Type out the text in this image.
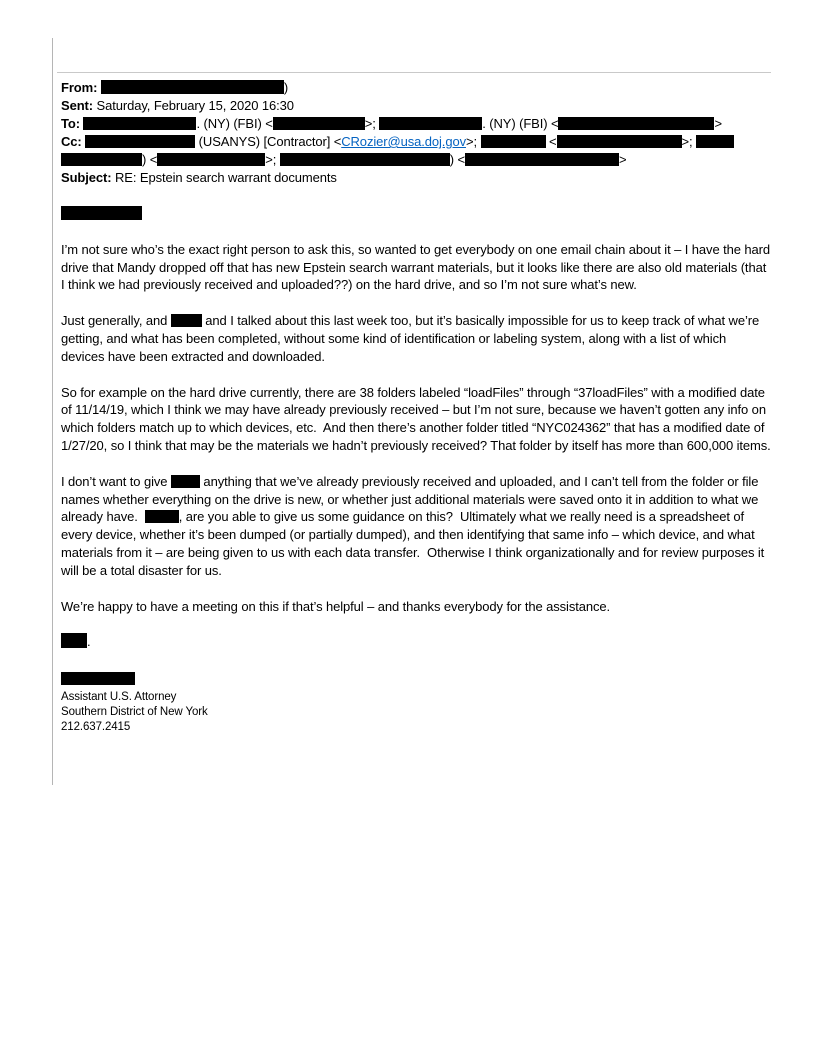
From:	)
Sent: Saturday, February 15, 2020 16:30
To:	. (NY) (FBI) <	>;	. (NY) (FBI) <	>
Cc:	(USANYS) [Contractor] <CRozier@usa.doj.gov>;	<	>;
) <	>;	) <	>
Subject: RE: Epstein search warrant documents

I’m not sure who’s the exact right person to ask this, so wanted to get everybody on one email chain about it – I have the hard drive that Mandy dropped off that has new Epstein search warrant materials, but it looks like there are also old materials (that I think we had previously received and uploaded??) on the hard drive, and so I’m not sure what’s new.

Just generally, and  and I talked about this last week too, but it’s basically impossible for us to keep track of what we’re getting, and what has been completed, without some kind of identification or labeling system, along with a list of which devices have been extracted and downloaded.

So for example on the hard drive currently, there are 38 folders labeled “loadFiles” through “37loadFiles” with a modified date of 11/14/19, which I think we may have already previously received – but I’m not sure, because we haven’t gotten any info on which folders match up to which devices, etc.  And then there’s another folder titled “NYC024362” that has a modified date of 1/27/20, so I think that may be the materials we hadn’t previously received? That folder by itself has more than 600,000 items.

I don’t want to give  anything that we’ve already previously received and uploaded, and I can’t tell from the folder or file names whether everything on the drive is new, or whether just additional materials were saved onto it in addition to what we already have.	, are you able to give us some guidance on this?  Ultimately what we really need is a spreadsheet of every device, whether it’s been dumped (or partially dumped), and then identifying that same info – which device, and what materials from it – are being given to us with each data transfer.  Otherwise I think organizationally and for review purposes it will be a total disaster for us.

We’re happy to have a meeting on this if that’s helpful – and thanks everybody for the assistance.

.

Assistant U.S. Attorney
Southern District of New York
212.637.2415
